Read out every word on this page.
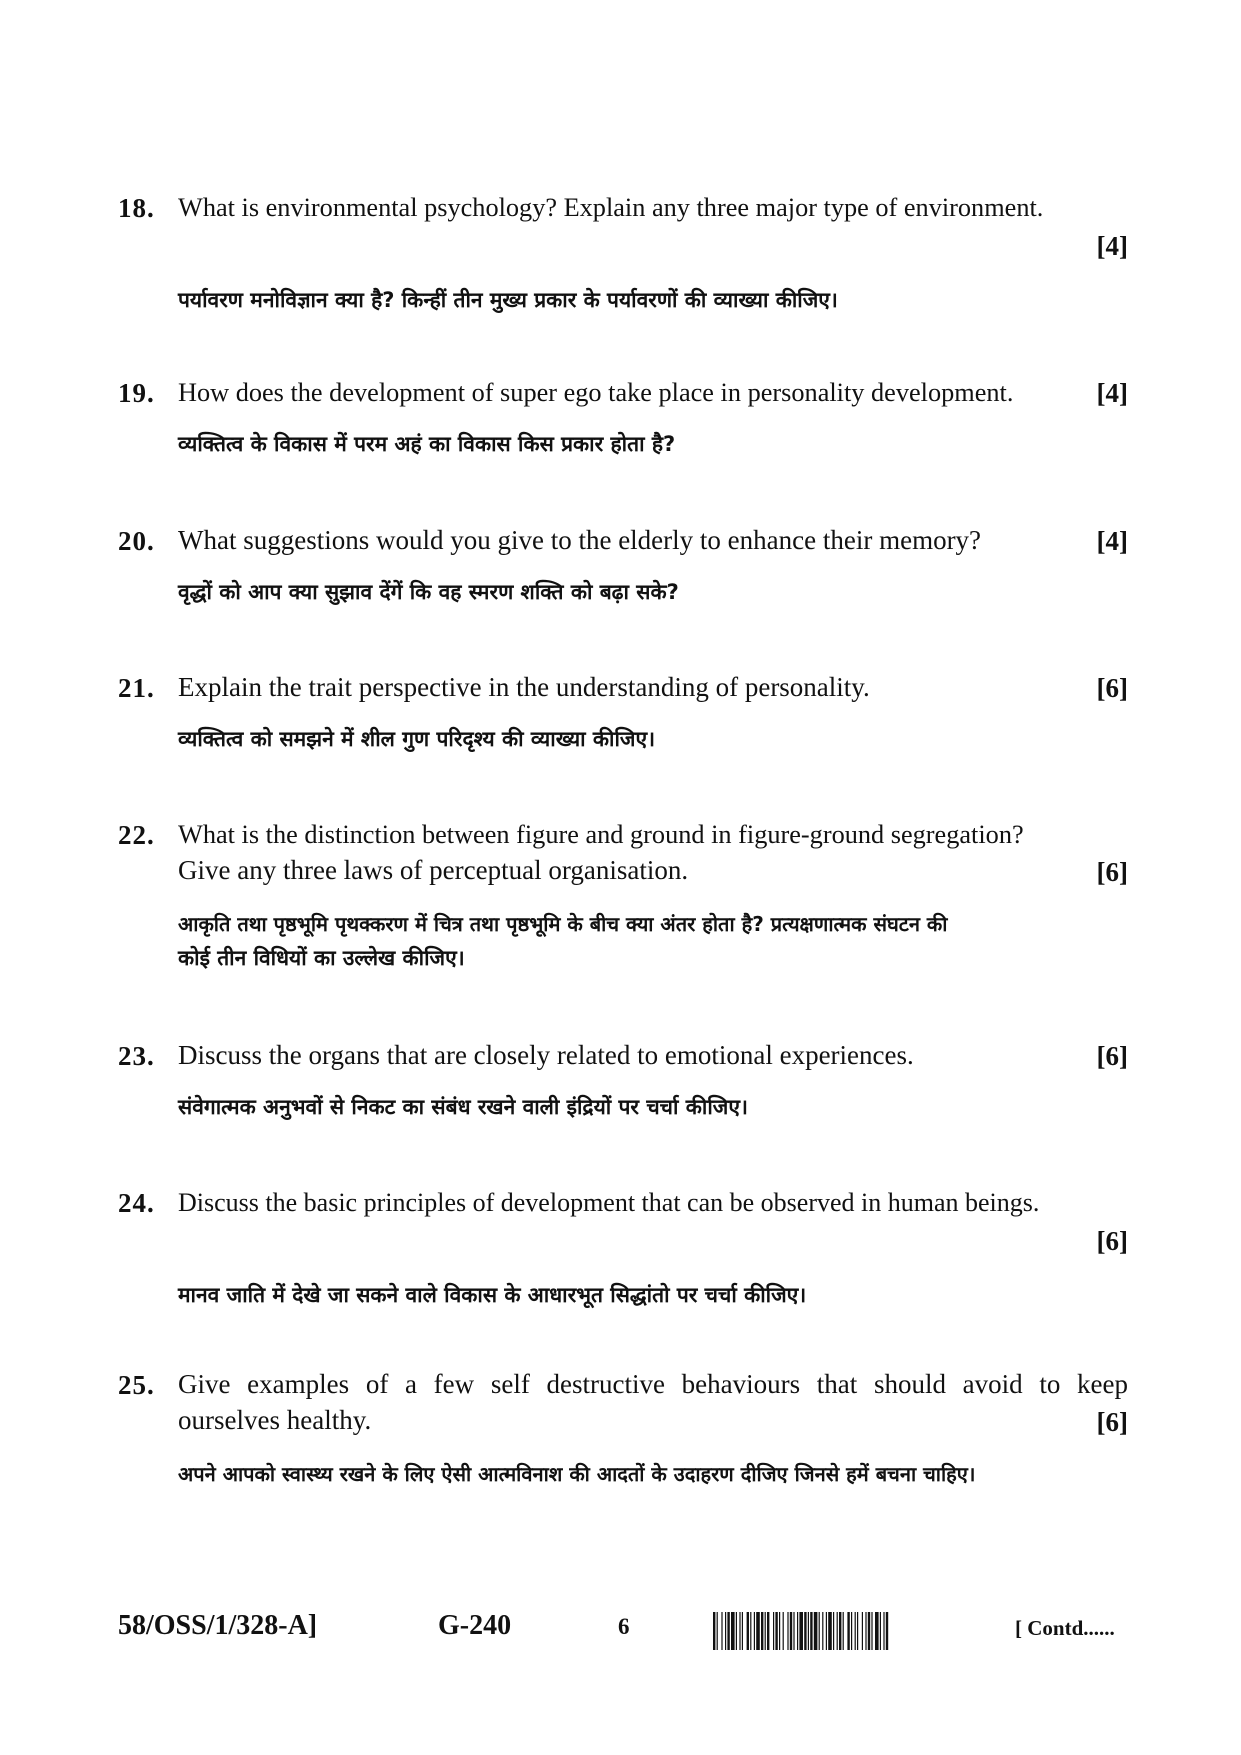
18. What is environmental psychology? Explain any three major type of environment.
[4]
पर्यावरण मनोविज्ञान क्या है? किन्हीं तीन मुख्य प्रकार के पर्यावरणों की व्याख्या कीजिए।
19. How does the development of super ego take place in personality development.	[4]
व्यक्तित्व के विकास में परम अहं का विकास किस प्रकार होता है?
20. What suggestions would you give to the elderly to enhance their memory?	[4]
वृद्धों को आप क्या सुझाव देंगें कि वह स्मरण शक्ति को बढ़ा सके?
21. Explain the trait perspective in the understanding of personality.	[6]
व्यक्तित्व को समझने में शील गुण परिदृश्य की व्याख्या कीजिए।
22. What is the distinction between figure and ground in figure-ground segregation?
Give any three laws of perceptual organisation.	[6]
आकृति तथा पृष्ठभूमि पृथक्करण में चित्र तथा पृष्ठभूमि के बीच क्या अंतर होता है? प्रत्यक्षणात्मक संघटन की
कोई तीन विधियों का उल्लेख कीजिए।
23. Discuss the organs that are closely related to emotional experiences.	[6]
संवेगात्मक अनुभवों से निकट का संबंध रखने वाली इंद्रियों पर चर्चा कीजिए।
24. Discuss the basic principles of development that can be observed in human beings.
[6]
मानव जाति में देखे जा सकने वाले विकास के आधारभूत सिद्धांतो पर चर्चा कीजिए।
25. Give examples of a few self destructive behaviours that should avoid to keep
ourselves healthy.	[6]
अपने आपको स्वास्थ्य रखने के लिए ऐसी आत्मविनाश की आदतों के उदाहरण दीजिए जिनसे हमें बचना चाहिए।
58/OSS/1/328-A]	G-240	6	[ Contd......
